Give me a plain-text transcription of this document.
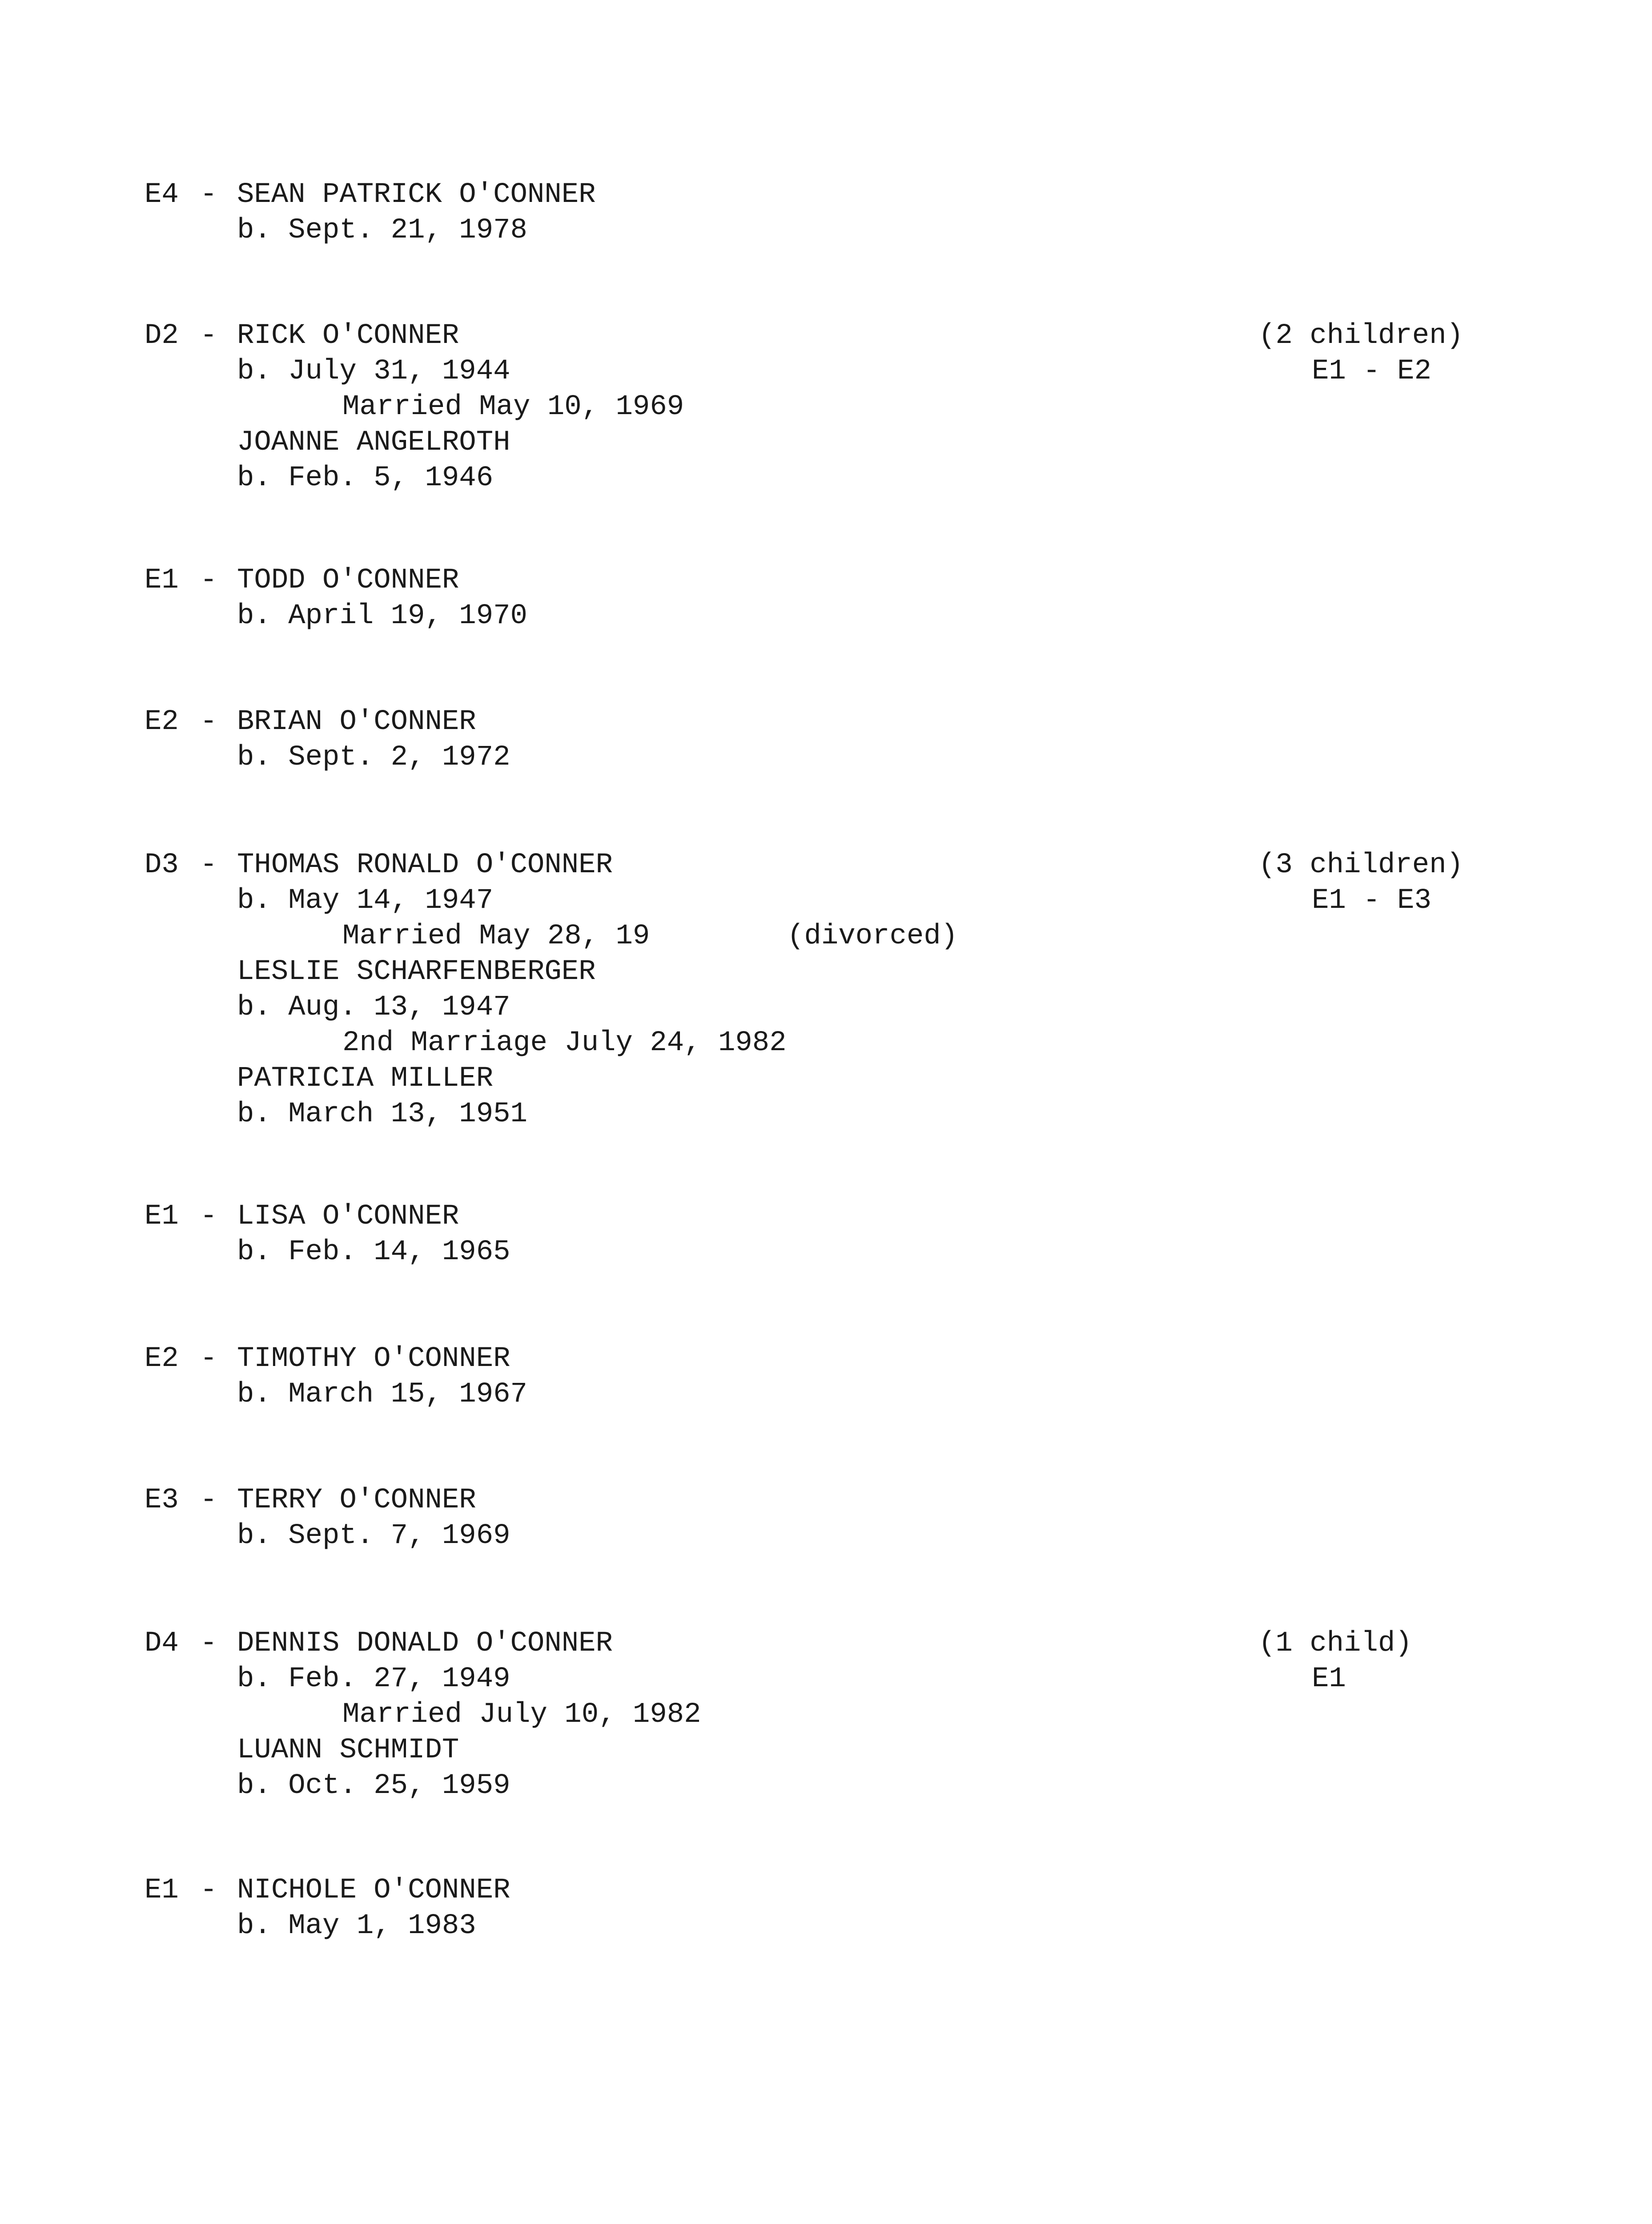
E4 - SEAN PATRICK O'CONNER

b. Sept. 21, 1978

D2 - RICK O'CONNER

b. July 31, 1944

Married May 10, 1969

JOANNE ANGELROTH

b. Feb. 5, 1946

(2 children)

E1 - E2

E1 - TODD O'CONNER

b. April 19, 1970

E2 - BRIAN O'CONNER

b. Sept. 2, 1972

D3 - THOMAS RONALD O'CONNER

b. May 14, 1947

Married May 28, 19	(divorced)

LESLIE SCHARFENBERGER

b. Aug. 13, 1947

2nd Marriage July 24, 1982

PATRICIA MILLER

b. March 13, 1951

(3 children)

E1 - E3

E1 - LISA O'CONNER

b. Feb. 14, 1965

E2 - TIMOTHY O'CONNER

b. March 15, 1967

E3 - TERRY O'CONNER

b. Sept. 7, 1969

D4 - DENNIS DONALD O'CONNER

b. Feb. 27, 1949

Married July 10, 1982

LUANN SCHMIDT

b. Oct. 25, 1959

(1 child)

E1

E1 - NICHOLE O'CONNER

b. May 1, 1983
